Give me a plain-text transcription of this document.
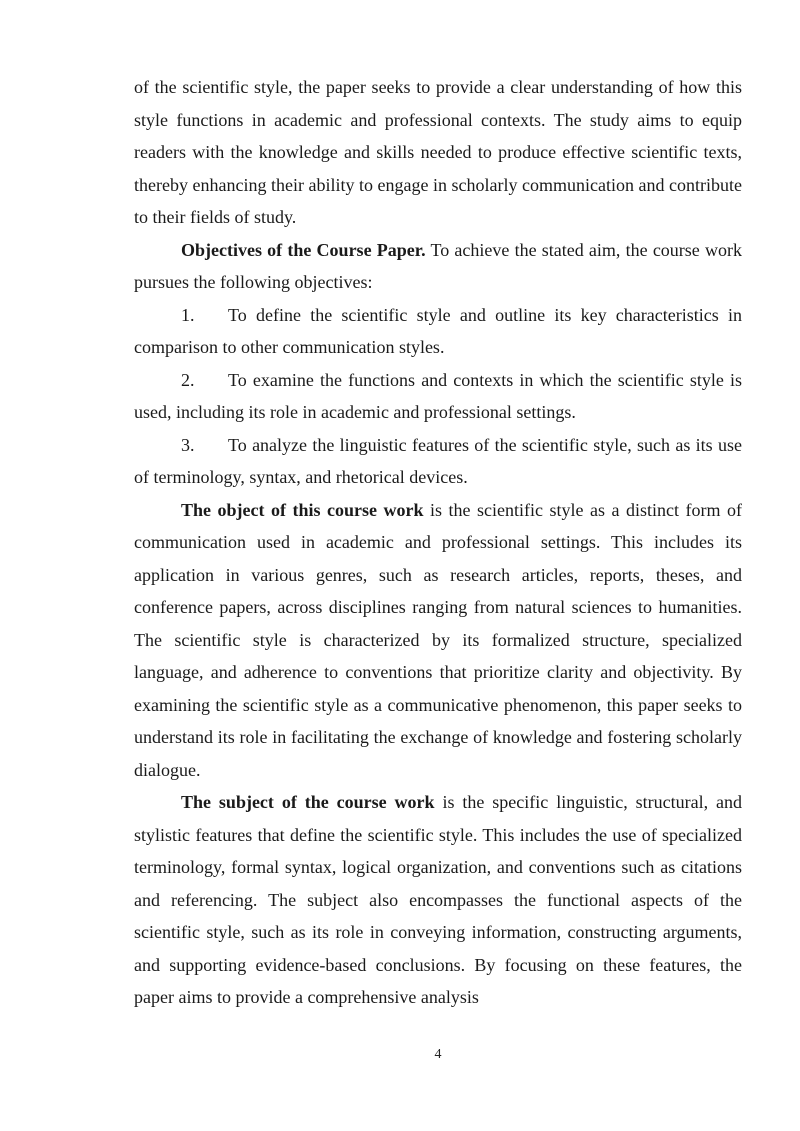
of the scientific style, the paper seeks to provide a clear understanding of how this style functions in academic and professional contexts. The study aims to equip readers with the knowledge and skills needed to produce effective scientific texts, thereby enhancing their ability to engage in scholarly communication and contribute to their fields of study.

Objectives of the Course Paper. To achieve the stated aim, the course work pursues the following objectives:

1. To define the scientific style and outline its key characteristics in comparison to other communication styles.

2. To examine the functions and contexts in which the scientific style is used, including its role in academic and professional settings.

3. To analyze the linguistic features of the scientific style, such as its use of terminology, syntax, and rhetorical devices.

The object of this course work is the scientific style as a distinct form of communication used in academic and professional settings. This includes its application in various genres, such as research articles, reports, theses, and conference papers, across disciplines ranging from natural sciences to humanities. The scientific style is characterized by its formalized structure, specialized language, and adherence to conventions that prioritize clarity and objectivity. By examining the scientific style as a communicative phenomenon, this paper seeks to understand its role in facilitating the exchange of knowledge and fostering scholarly dialogue.

The subject of the course work is the specific linguistic, structural, and stylistic features that define the scientific style. This includes the use of specialized terminology, formal syntax, logical organization, and conventions such as citations and referencing. The subject also encompasses the functional aspects of the scientific style, such as its role in conveying information, constructing arguments, and supporting evidence-based conclusions. By focusing on these features, the paper aims to provide a comprehensive analysis

4
